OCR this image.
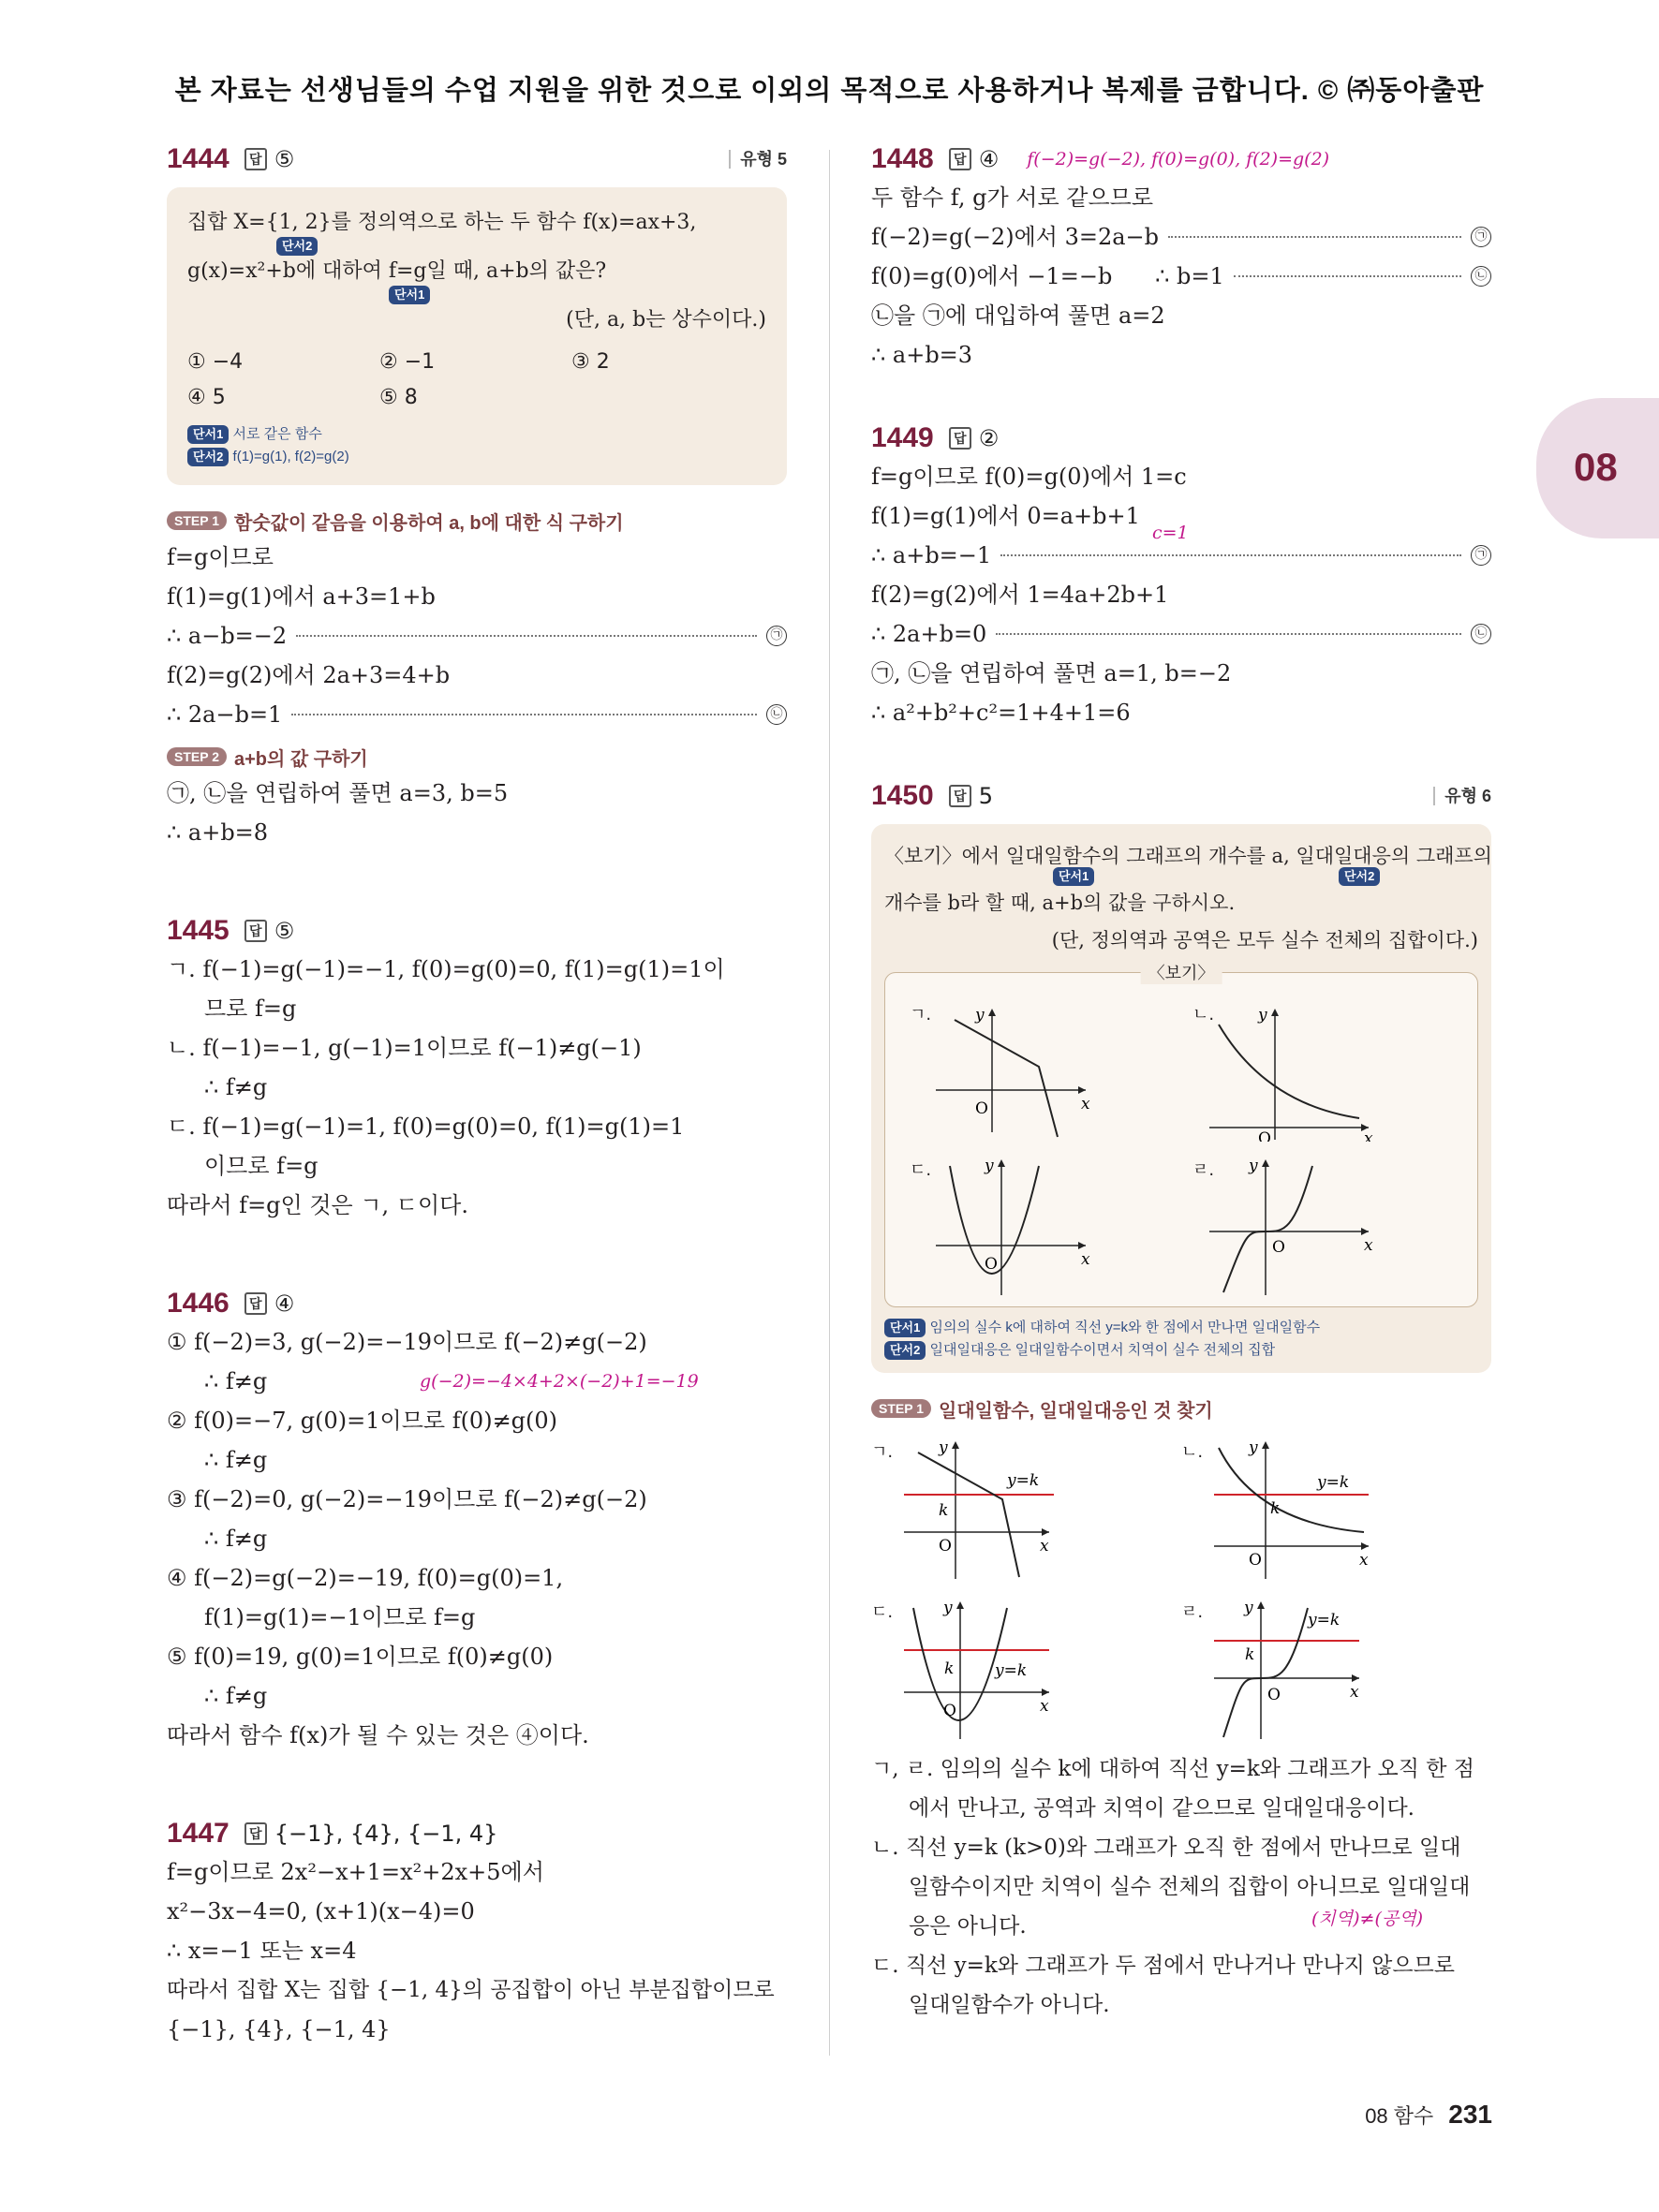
본 자료는 선생님들의 수업 지원을 위한 것으로 이외의 목적으로 사용하거나 복제를 금합니다. © ㈜동아출판
08
1444	답 ⑤	유형 5
집합 X={1, 2}를 정의역으로 하는 두 함수 f(x)=ax+3,
단서2
g(x)=x²+b에 대하여 f=g일 때, a+b의 값은?
단서1
(단, a, b는 상수이다.)
① −4	② −1	③ 2
④ 5	⑤ 8
단서1 서로 같은 함수
단서2 f(1)=g(1), f(2)=g(2)
STEP 1 함숫값이 같음을 이용하여 a, b에 대한 식 구하기
f=g이므로
f(1)=g(1)에서 a+3=1+b
∴ a−b=−2	㉠
f(2)=g(2)에서 2a+3=4+b
∴ 2a−b=1	㉡
STEP 2 a+b의 값 구하기
㉠, ㉡을 연립하여 풀면 a=3, b=5
∴ a+b=8
1445	답 ⑤
ㄱ. f(−1)=g(−1)=−1, f(0)=g(0)=0, f(1)=g(1)=1이
므로 f=g
ㄴ. f(−1)=−1, g(−1)=1이므로 f(−1)≠g(−1)
∴ f≠g
ㄷ. f(−1)=g(−1)=1, f(0)=g(0)=0, f(1)=g(1)=1
이므로 f=g
따라서 f=g인 것은 ㄱ, ㄷ이다.
1446	답 ④
① f(−2)=3, g(−2)=−19이므로 f(−2)≠g(−2)
∴ f≠g	g(−2)=−4×4+2×(−2)+1=−19
② f(0)=−7, g(0)=1이므로 f(0)≠g(0)
∴ f≠g
③ f(−2)=0, g(−2)=−19이므로 f(−2)≠g(−2)
∴ f≠g
④ f(−2)=g(−2)=−19, f(0)=g(0)=1,
f(1)=g(1)=−1이므로 f=g
⑤ f(0)=19, g(0)=1이므로 f(0)≠g(0)
∴ f≠g
따라서 함수 f(x)가 될 수 있는 것은 ④이다.
1447	답 {−1}, {4}, {−1, 4}
f=g이므로 2x²−x+1=x²+2x+5에서
x²−3x−4=0, (x+1)(x−4)=0
∴ x=−1 또는 x=4
따라서 집합 X는 집합 {−1, 4}의 공집합이 아닌 부분집합이므로
{−1}, {4}, {−1, 4}
1448	답 ④ f(−2)=g(−2), f(0)=g(0), f(2)=g(2)
두 함수 f, g가 서로 같으므로
f(−2)=g(−2)에서 3=2a−b	㉠
f(0)=g(0)에서 −1=−b      ∴ b=1	㉡
㉡을 ㉠에 대입하여 풀면 a=2
∴ a+b=3
1449	답 ②
f=g이므로 f(0)=g(0)에서 1=c
f(1)=g(1)에서 0=a+b+1
c=1
∴ a+b=−1	㉠
f(2)=g(2)에서 1=4a+2b+1
∴ 2a+b=0	㉡
㉠, ㉡을 연립하여 풀면 a=1, b=−2
∴ a²+b²+c²=1+4+1=6
1450	답 5	유형 6
〈보기〉에서 일대일함수의 그래프의 개수를 a, 일대일대응의 그래프의
단서1	단서2
개수를 b라 할 때, a+b의 값을 구하시오.
(단, 정의역과 공역은 모두 실수 전체의 집합이다.)
〈보기〉
ㄱ.	y
x
O
ㄴ.	y
x
O
ㄷ.	y
x
O
ㄹ. y
x
O
단서1 임의의 실수 k에 대하여 직선 y=k와 한 점에서 만나면 일대일함수
단서2 일대일대응은 일대일함수이면서 치역이 실수 전체의 집합
STEP 1 일대일함수, 일대일대응인 것 찾기
ㄱ.	y
x
O
k
y=k
ㄴ.	y
x
O
k
y=k
ㄷ.	y
x
O
k	y=k
ㄹ.	y
x
O
k
y=k
ㄱ, ㄹ. 임의의 실수 k에 대하여 직선 y=k와 그래프가 오직 한 점
에서 만나고, 공역과 치역이 같으므로 일대일대응이다.
ㄴ. 직선 y=k (k>0)와 그래프가 오직 한 점에서 만나므로 일대
일함수이지만 치역이 실수 전체의 집합이 아니므로 일대일대
응은 아니다.	(치역)≠(공역)
ㄷ. 직선 y=k와 그래프가 두 점에서 만나거나 만나지 않으므로
일대일함수가 아니다.
08 함수 231
